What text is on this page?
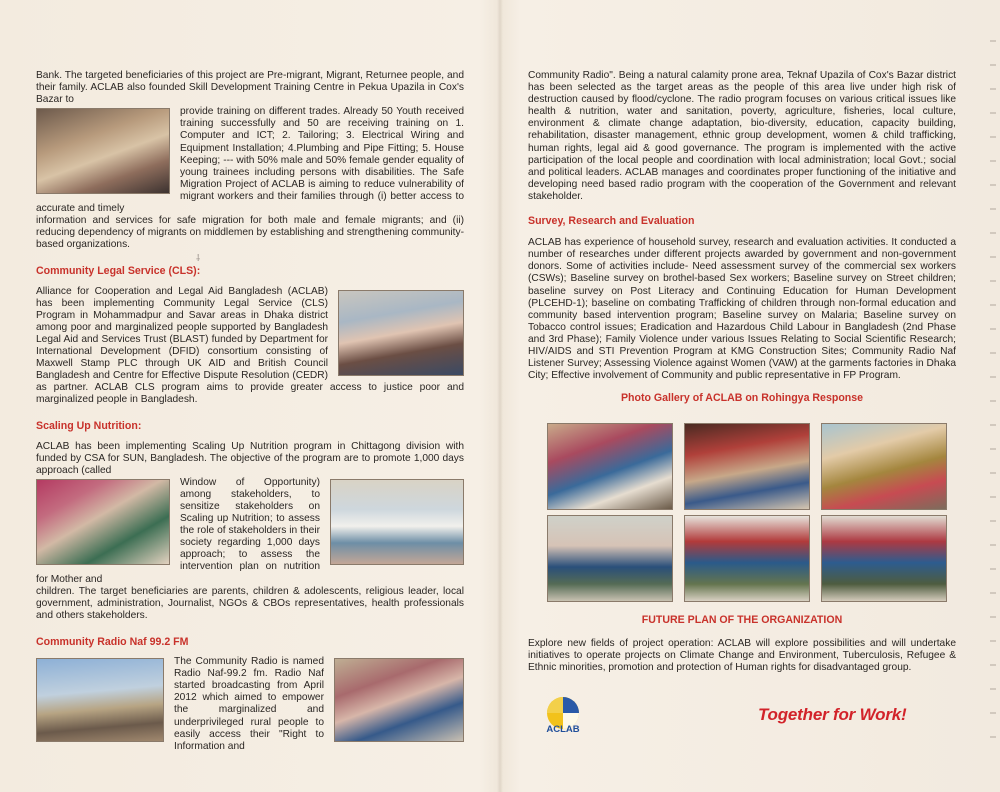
Bank. The targeted beneficiaries of this project are Pre-migrant, Migrant, Returnee people, and their family. ACLAB also founded Skill Development Training Centre in Pekua Upazila in Cox's Bazar to

provide training on different trades. Already 50 Youth received training successfully and 50 are receiving training on 1. Computer and ICT; 2. Tailoring; 3. Electrical Wiring and Equipment Installation; 4.Plumbing and Pipe Fitting; 5. House Keeping; --- with 50% male and 50% female gender equality of young trainees including persons with disabilities. The Safe Migration Project of ACLAB is aiming to reduce vulnerability of migrant workers and their families through (i) better access to accurate and timely

information and services for safe migration for both male and female migrants; and (ii) reducing dependency of migrants on middlemen by establishing and strengthening community-based organizations.

Community Legal Service (CLS):

Alliance for Cooperation and Legal Aid Bangladesh (ACLAB) has been implementing Community Legal Service (CLS) Program in Mohammadpur and Savar areas in Dhaka district among poor and marginalized people supported by Bangladesh Legal Aid and Services Trust (BLAST) funded by Department for International Development (DFID) consortium consisting of Maxwell Stamp PLC through UK AID and British Council Bangladesh and Centre for Effective Dispute Resolution (CEDR) as partner. ACLAB CLS program aims to provide greater access to justice poor and marginalized people in Bangladesh.

Scaling Up Nutrition:

ACLAB has been implementing Scaling Up Nutrition program in Chittagong division with funded by CSA for SUN, Bangladesh. The objective of the program are to promote 1,000 days approach (called

Window of Opportunity) among stakeholders, to sensitize stakeholders on Scaling up Nutrition; to assess the role of stakeholders in their society regarding 1,000 days approach; to assess the intervention plan on nutrition for Mother and

children. The target beneficiaries are parents, children & adolescents, religious leader, local government, administration, Journalist, NGOs & CBOs representatives, health professionals and others stakeholders.

Community Radio Naf 99.2 FM

The Community Radio is named Radio Naf-99.2 fm. Radio Naf started broadcasting from April 2012 which aimed to empower the marginalized and underprivileged rural people to easily access their "Right to Information and

⸸

Community Radio". Being a natural calamity prone area, Teknaf Upazila of Cox's Bazar district has been selected as the target areas as the people of this area live under high risk of destruction caused by flood/cyclone. The radio program focuses on various critical issues like health & nutrition, water and sanitation, poverty, agriculture, fisheries, local culture, environment & climate change adaptation, bio-diversity, education, capacity building, rehabilitation, disaster management, ethnic group development, women & child trafficking, human rights, legal aid & good governance. The program is implemented with the active participation of the local people and coordination with local administration; local Govt.; social and political leaders. ACLAB manages and coordinates proper functioning of the initiative and developing need based radio program with the cooperation of the Government and relevant stakeholder.

Survey, Research and Evaluation

ACLAB has experience of household survey, research and evaluation activities. It conducted a number of researches under different projects awarded by government and non-government donors. Some of activities include- Need assessment survey of the commercial sex workers (CSWs); Baseline survey on brothel-based Sex workers; Baseline survey on Street children; baseline survey on Post Literacy and Continuing Education for Human Development (PLCEHD-1); baseline on combating Trafficking of children through non-formal education and community based intervention program; Baseline survey on Malaria; Baseline survey on Tobacco control issues; Eradication and Hazardous Child Labour in Bangladesh (2nd Phase and 3rd Phase); Family Violence under various Issues Relating to Social Scientific Research; HIV/AIDS and STI Prevention Program at KMG Construction Sites; Community Radio Naf Listener Survey; Assessing Violence against Women (VAW) at the garments factories in Dhaka City; Effective involvement of Community and public representative in FP Program.

Photo Gallery of ACLAB on Rohingya Response
FUTURE PLAN OF THE ORGANIZATION

Explore new fields of project operation: ACLAB will explore possibilities and will undertake initiatives to operate projects on Climate Change and Environment, Tuberculosis, Refugee & Ethnic minorities, promotion and protection of Human rights for disadvantaged group.

ACLAB
Together for Work!
